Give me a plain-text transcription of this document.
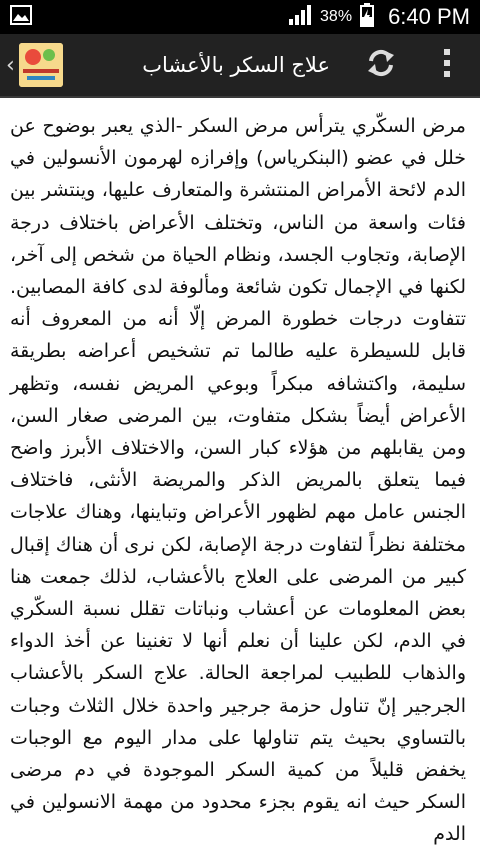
38% 6:40 PM
‹	علاج السكر بالأعشاب
مرض السكّري يترأس مرض السكر -الذي يعبر بوضوح عن خلل في عضو (البنكرياس) وإفرازه لهرمون الأنسولين في الدم لائحة الأمراض المنتشرة والمتعارف عليها، وينتشر بين فئات واسعة من الناس، وتختلف الأعراض باختلاف درجة الإصابة، وتجاوب الجسد، ونظام الحياة من شخص إلى آخر، لكنها في الإجمال تكون شائعة ومألوفة لدى كافة المصابين. تتفاوت درجات خطورة المرض إلّا أنه من المعروف أنه قابل للسيطرة عليه طالما تم تشخيص أعراضه بطريقة سليمة، واكتشافه مبكراً وبوعي المريض نفسه، وتظهر الأعراض أيضاً بشكل متفاوت، بين المرضى صغار السن، ومن يقابلهم من هؤلاء كبار السن، والاختلاف الأبرز واضح فيما يتعلق بالمريض الذكر والمريضة الأنثى، فاختلاف الجنس عامل مهم لظهور الأعراض وتباينها، وهناك علاجات مختلفة نظراً لتفاوت درجة الإصابة، لكن نرى أن هناك إقبال كبير من المرضى على العلاج بالأعشاب، لذلك جمعت هنا بعض المعلومات عن أعشاب ونباتات تقلل نسبة السكّري في الدم، لكن علينا أن نعلم أنها لا تغنينا عن أخذ الدواء والذهاب للطبيب لمراجعة الحالة. علاج السكر بالأعشاب الجرجير إنّ تناول حزمة جرجير واحدة خلال الثلاث وجبات بالتساوي بحيث يتم تناولها على مدار اليوم مع الوجبات يخفض قليلاً من كمية السكر الموجودة في دم مرضى السكر حيث انه يقوم بجزء محدود من مهمة الانسولين في الدم
